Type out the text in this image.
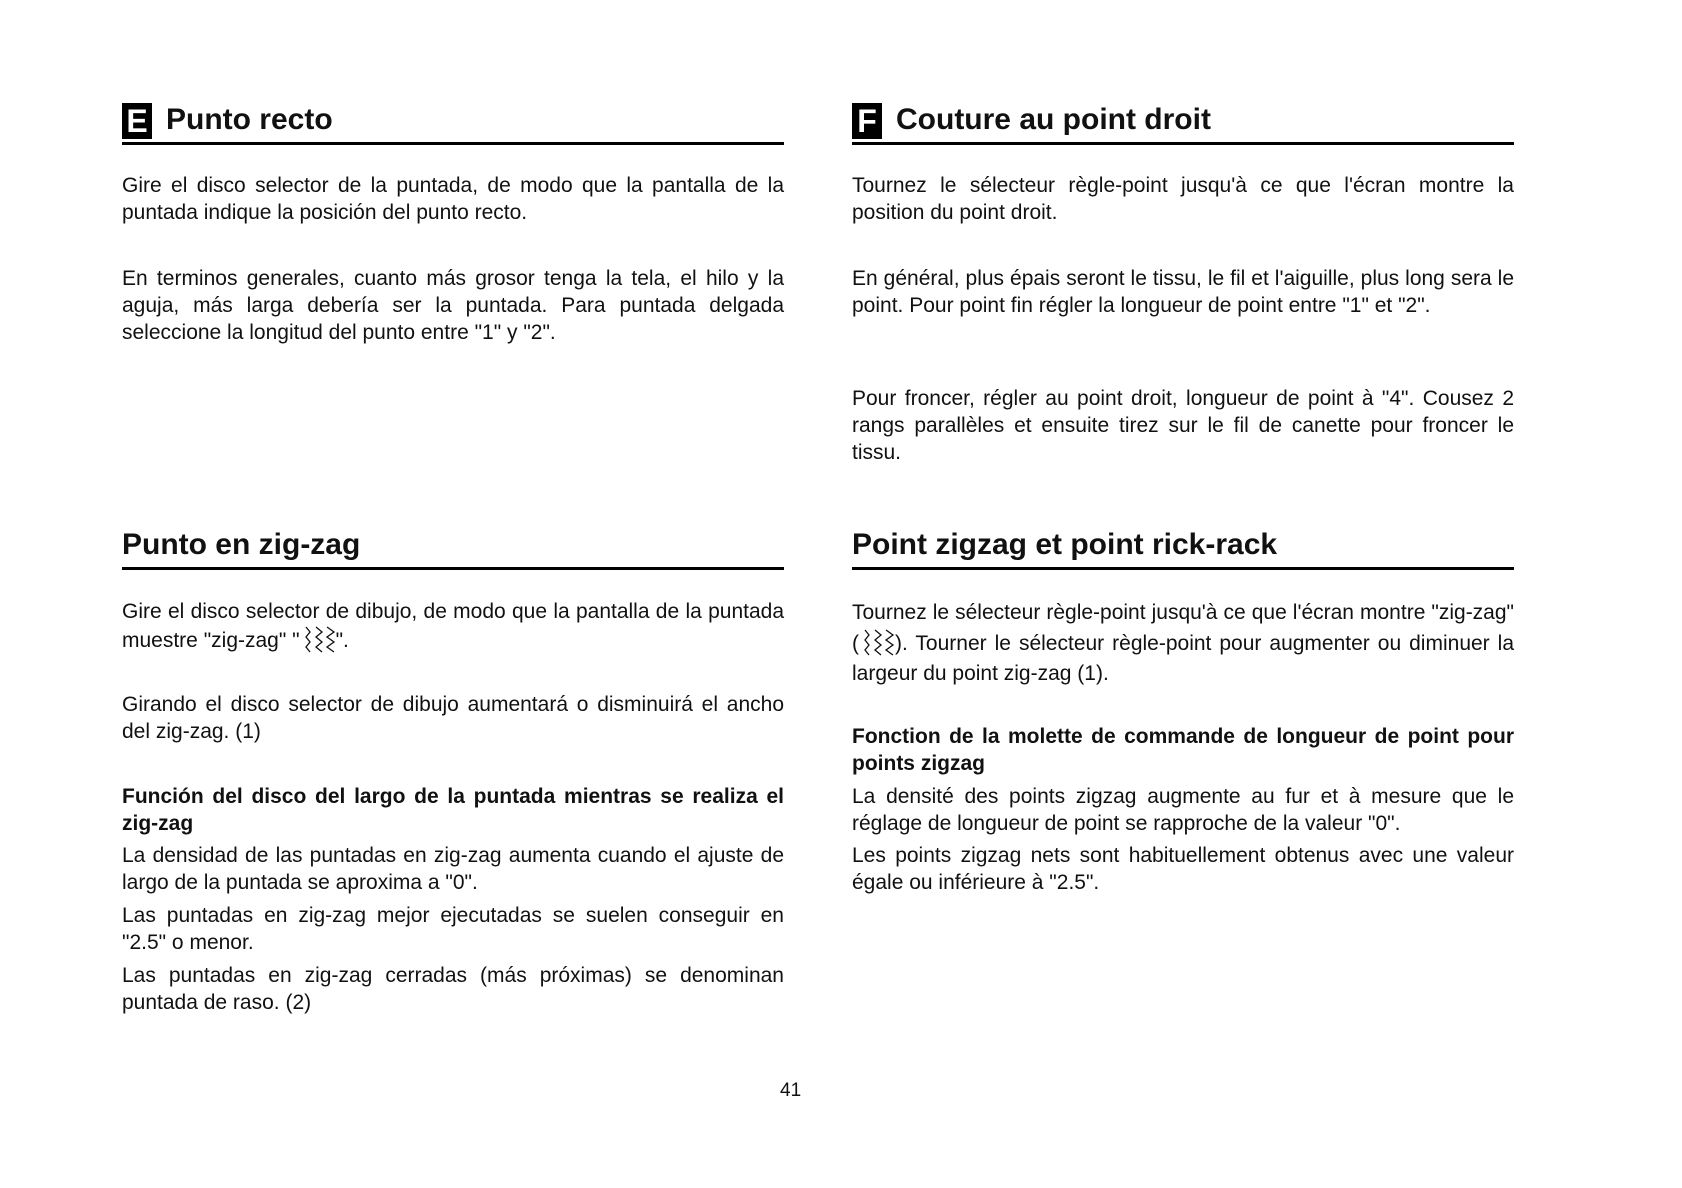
E Punto recto
Gire el disco selector de la puntada, de modo que la pantalla de la puntada indique la posición del punto recto.
En terminos generales, cuanto más grosor tenga la tela, el hilo y la aguja, más larga debería ser la puntada. Para puntada delgada seleccione la longitud del punto entre "1" y "2".
Punto en zig-zag
Gire el disco selector de dibujo, de modo que la pantalla de la puntada muestre "zig-zag" " ".
Girando el disco selector de dibujo aumentará o disminuirá el ancho del zig-zag. (1)
Función del disco del largo de la puntada mientras se realiza el zig-zag
La densidad de las puntadas en zig-zag aumenta cuando el ajuste de largo de la puntada se aproxima a "0".
Las puntadas en zig-zag mejor ejecutadas se suelen conseguir en "2.5" o menor.
Las puntadas en zig-zag cerradas (más próximas) se denominan puntada de raso. (2)
F Couture au point droit
Tournez le sélecteur règle-point jusqu'à ce que l'écran montre la position du point droit.
En général, plus épais seront le tissu, le fil et l'aiguille, plus long sera le point. Pour point fin régler la longueur de point entre "1" et "2".
Pour froncer, régler au point droit, longueur de point à "4". Cousez 2 rangs parallèles et ensuite tirez sur le fil de canette pour froncer le tissu.
Point zigzag et point rick-rack
Tournez le sélecteur règle-point jusqu'à ce que l'écran montre "zig-zag" ( ). Tourner le sélecteur règle-point pour augmenter ou diminuer la largeur du point zig-zag (1).
Fonction de la molette de commande de longueur de point pour points zigzag
La densité des points zigzag augmente au fur et à mesure que le réglage de longueur de point se rapproche de la valeur "0".
Les points zigzag nets sont habituellement obtenus avec une valeur égale ou inférieure à "2.5".
41
